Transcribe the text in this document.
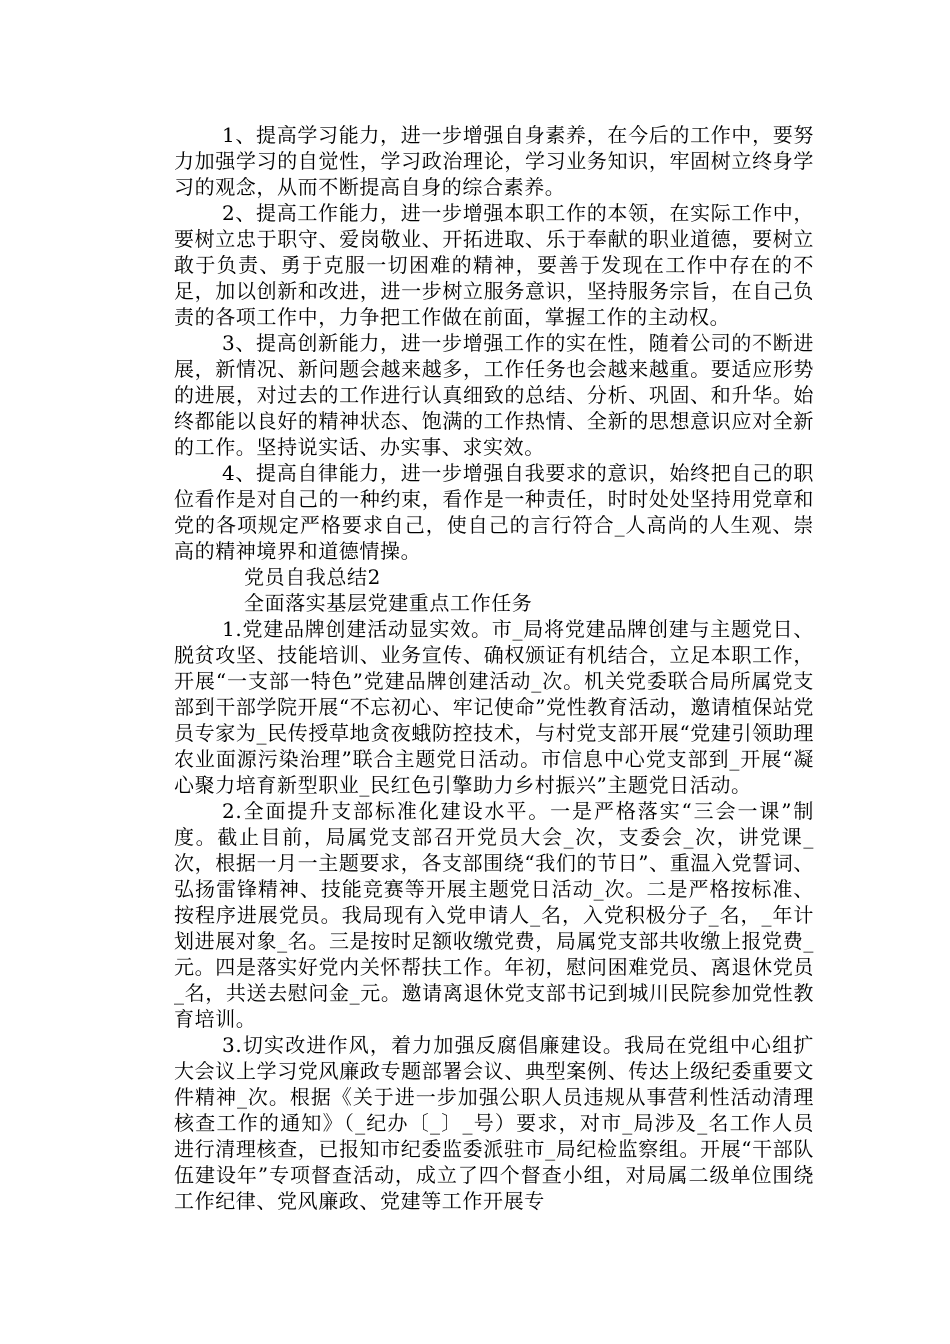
1、提高学习能力，进一步增强自身素养，在今后的工作中，要努力加强学习的自觉性，学习政治理论，学习业务知识，牢固树立终身学习的观念，从而不断提高自身的综合素养。

2、提高工作能力，进一步增强本职工作的本领，在实际工作中，要树立忠于职守、爱岗敬业、开拓进取、乐于奉献的职业道德，要树立敢于负责、勇于克服一切困难的精神，要善于发现在工作中存在的不足，加以创新和改进，进一步树立服务意识，坚持服务宗旨，在自己负责的各项工作中，力争把工作做在前面，掌握工作的主动权。

3、提高创新能力，进一步增强工作的实在性，随着公司的不断进展，新情况、新问题会越来越多，工作任务也会越来越重。要适应形势的进展，对过去的工作进行认真细致的总结、分析、巩固、和升华。始终都能以良好的精神状态、饱满的工作热情、全新的思想意识应对全新的工作。坚持说实话、办实事、求实效。

4、提高自律能力，进一步增强自我要求的意识，始终把自己的职位看作是对自己的一种约束，看作是一种责任，时时处处坚持用党章和党的各项规定严格要求自己，使自己的言行符合_人高尚的人生观、崇高的精神境界和道德情操。

党员自我总结2

全面落实基层党建重点工作任务

1.党建品牌创建活动显实效。市_局将党建品牌创建与主题党日、脱贫攻坚、技能培训、业务宣传、确权颁证有机结合，立足本职工作，开展“一支部一特色”党建品牌创建活动_次。机关党委联合局所属党支部到干部学院开展“不忘初心、牢记使命”党性教育活动，邀请植保站党员专家为_民传授草地贪夜蛾防控技术，与村党支部开展“党建引领助理农业面源污染治理”联合主题党日活动。市信息中心党支部到_开展“凝心聚力培育新型职业_民红色引擎助力乡村振兴”主题党日活动。

2.全面提升支部标准化建设水平。一是严格落实“三会一课”制度。截止目前，局属党支部召开党员大会_次，支委会_次，讲党课_次，根据一月一主题要求，各支部围绕“我们的节日”、重温入党誓词、弘扬雷锋精神、技能竞赛等开展主题党日活动_次。二是严格按标准、按程序进展党员。我局现有入党申请人_名，入党积极分子_名，_年计划进展对象_名。三是按时足额收缴党费，局属党支部共收缴上报党费_元。四是落实好党内关怀帮扶工作。年初，慰问困难党员、离退休党员_名，共送去慰问金_元。邀请离退休党支部书记到城川民院参加党性教育培训。

3.切实改进作风，着力加强反腐倡廉建设。我局在党组中心组扩大会议上学习党风廉政专题部署会议、典型案例、传达上级纪委重要文件精神_次。根据《关于进一步加强公职人员违规从事营利性活动清理核查工作的通知》（_纪办〔_〕_号）要求，对市_局涉及_名工作人员进行清理核查，已报知市纪委监委派驻市_局纪检监察组。开展“干部队伍建设年”专项督查活动，成立了四个督查小组，对局属二级单位围绕工作纪律、党风廉政、党建等工作开展专
